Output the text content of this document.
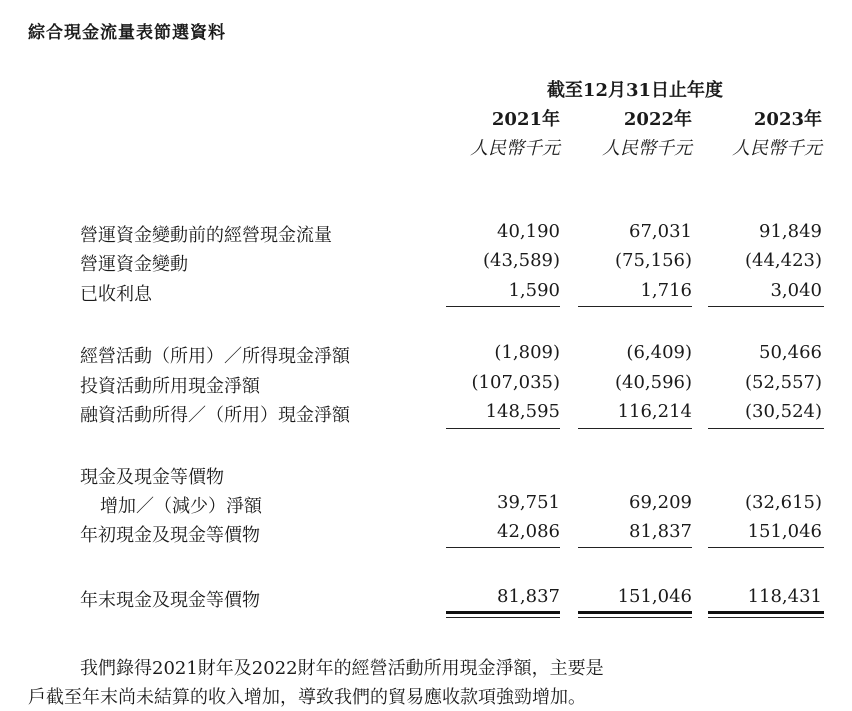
綜合現金流量表節選資料
截至12月31日止年度
2021年	2022年	2023年
人民幣千元	人民幣千元	人民幣千元
營運資金變動前的經營現金流量	40,190	67,031	91,849
營運資金變動	(43,589)	(75,156)	(44,423)
已收利息	1,590	1,716	3,040
經營活動（所用）／所得現金淨額	(1,809)	(6,409)	50,466
投資活動所用現金淨額	(107,035)	(40,596)	(52,557)
融資活動所得／（所用）現金淨額	148,595	116,214	(30,524)
現金及現金等價物
增加／（減少）淨額	39,751	69,209	(32,615)
年初現金及現金等價物	42,086	81,837	151,046
年末現金及現金等價物	81,837	151,046	118,431
我們錄得2021財年及2022財年的經營活動所用現金淨額，主要是
戶截至年末尚未結算的收入增加，導致我們的貿易應收款項強勁增加。
